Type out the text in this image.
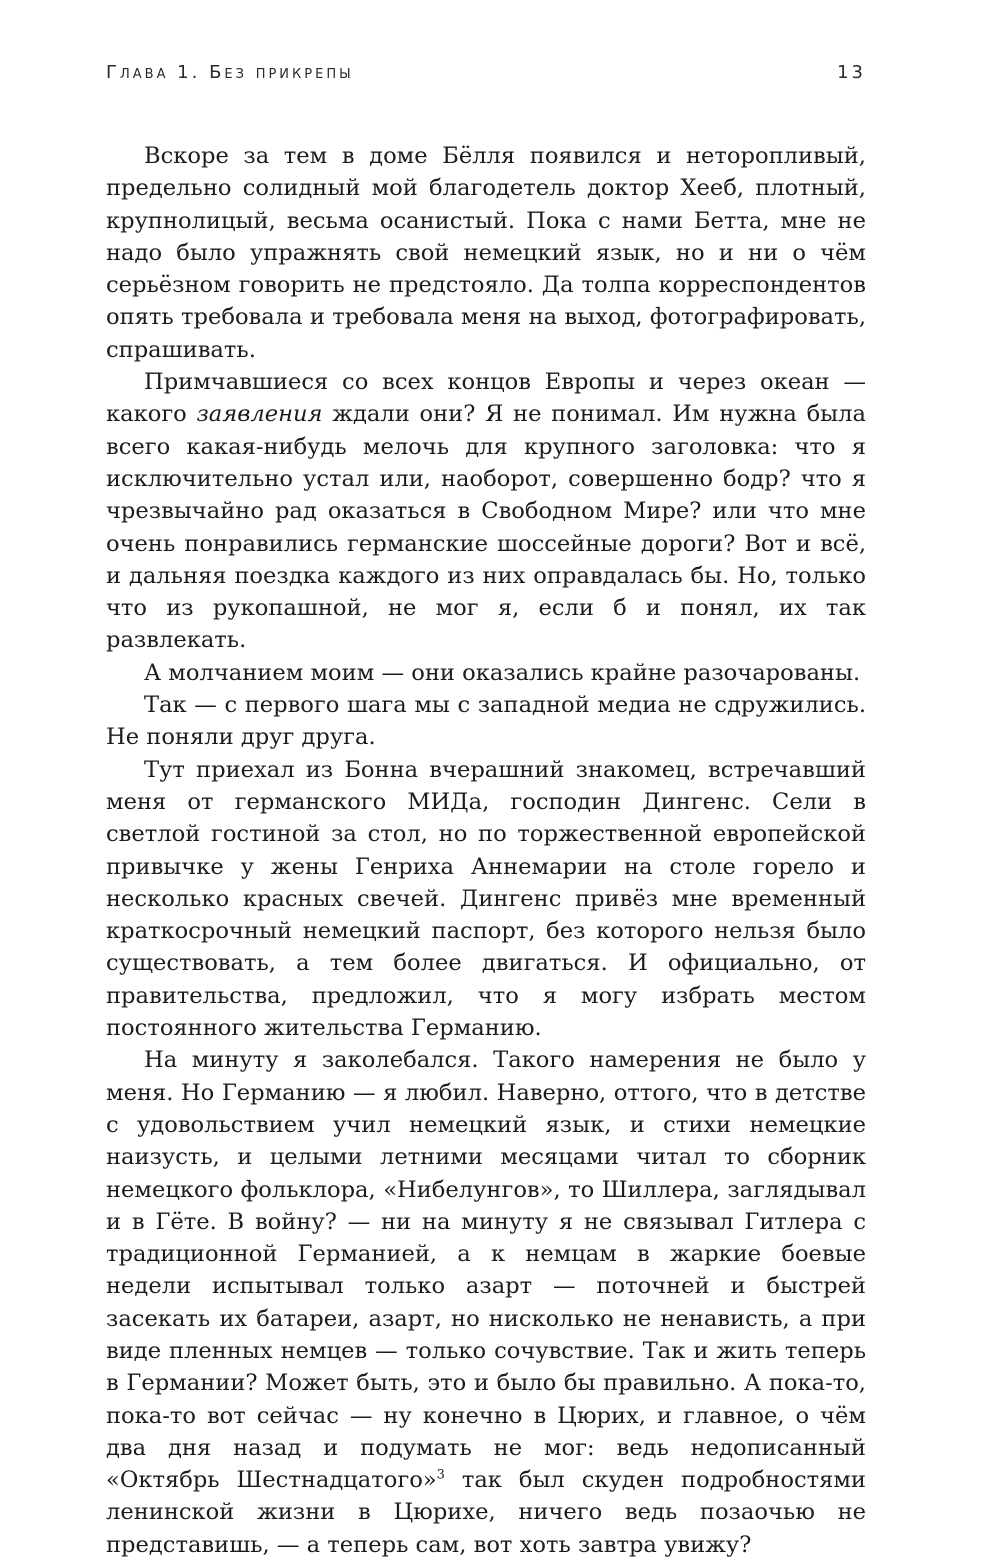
Глава 1. Без прикрепы	13

Вскоре за тем в доме Бёлля появился и неторопливый, предельно солидный мой благодетель доктор Хееб, плотный, крупнолицый, весьма осанистый. Пока с нами Бетта, мне не надо было упражнять свой немецкий язык, но и ни о чём серьёзном говорить не предстояло. Да толпа корреспондентов опять требовала и требовала меня на выход, фотографировать, спрашивать.

Примчавшиеся со всех концов Европы и через океан — какого заявления ждали они? Я не понимал. Им нужна была всего какая-нибудь мелочь для крупного заголовка: что я исключительно устал или, наоборот, совершенно бодр? что я чрезвычайно рад оказаться в Свободном Мире? или что мне очень понравились германские шоссейные дороги? Вот и всё, и дальняя поездка каждого из них оправдалась бы. Но, только что из рукопашной, не мог я, если б и понял, их так развлекать.

А молчанием моим — они оказались крайне разочарованы.

Так — с первого шага мы с западной медиа не сдружились. Не поняли друг друга.

Тут приехал из Бонна вчерашний знакомец, встречавший меня от германского МИДа, господин Дингенс. Сели в светлой гостиной за стол, но по торжественной европейской привычке у жены Генриха Аннемарии на столе горело и несколько красных свечей. Дингенс привёз мне временный краткосрочный немецкий паспорт, без которого нельзя было существовать, а тем более двигаться. И официально, от правительства, предложил, что я могу избрать местом постоянного жительства Германию.

На минуту я заколебался. Такого намерения не было у меня. Но Германию — я любил. Наверно, оттого, что в детстве с удовольствием учил немецкий язык, и стихи немецкие наизусть, и целыми летними месяцами читал то сборник немецкого фольклора, «Нибелунгов», то Шиллера, заглядывал и в Гёте. В войну? — ни на минуту я не связывал Гитлера с традиционной Германией, а к немцам в жаркие боевые недели испытывал только азарт — поточней и быстрей засекать их батареи, азарт, но нисколько не ненависть, а при виде пленных немцев — только сочувствие. Так и жить теперь в Германии? Может быть, это и было бы правильно. А пока-то, пока-то вот сейчас — ну конечно в Цюрих, и главное, о чём два дня назад и подумать не мог: ведь недописанный «Октябрь Шестнадцатого»$^3$ так был скуден подробностями ленинской жизни в Цюрихе, ничего ведь позаочью не представишь, — а теперь сам, вот хоть завтра увижу?
